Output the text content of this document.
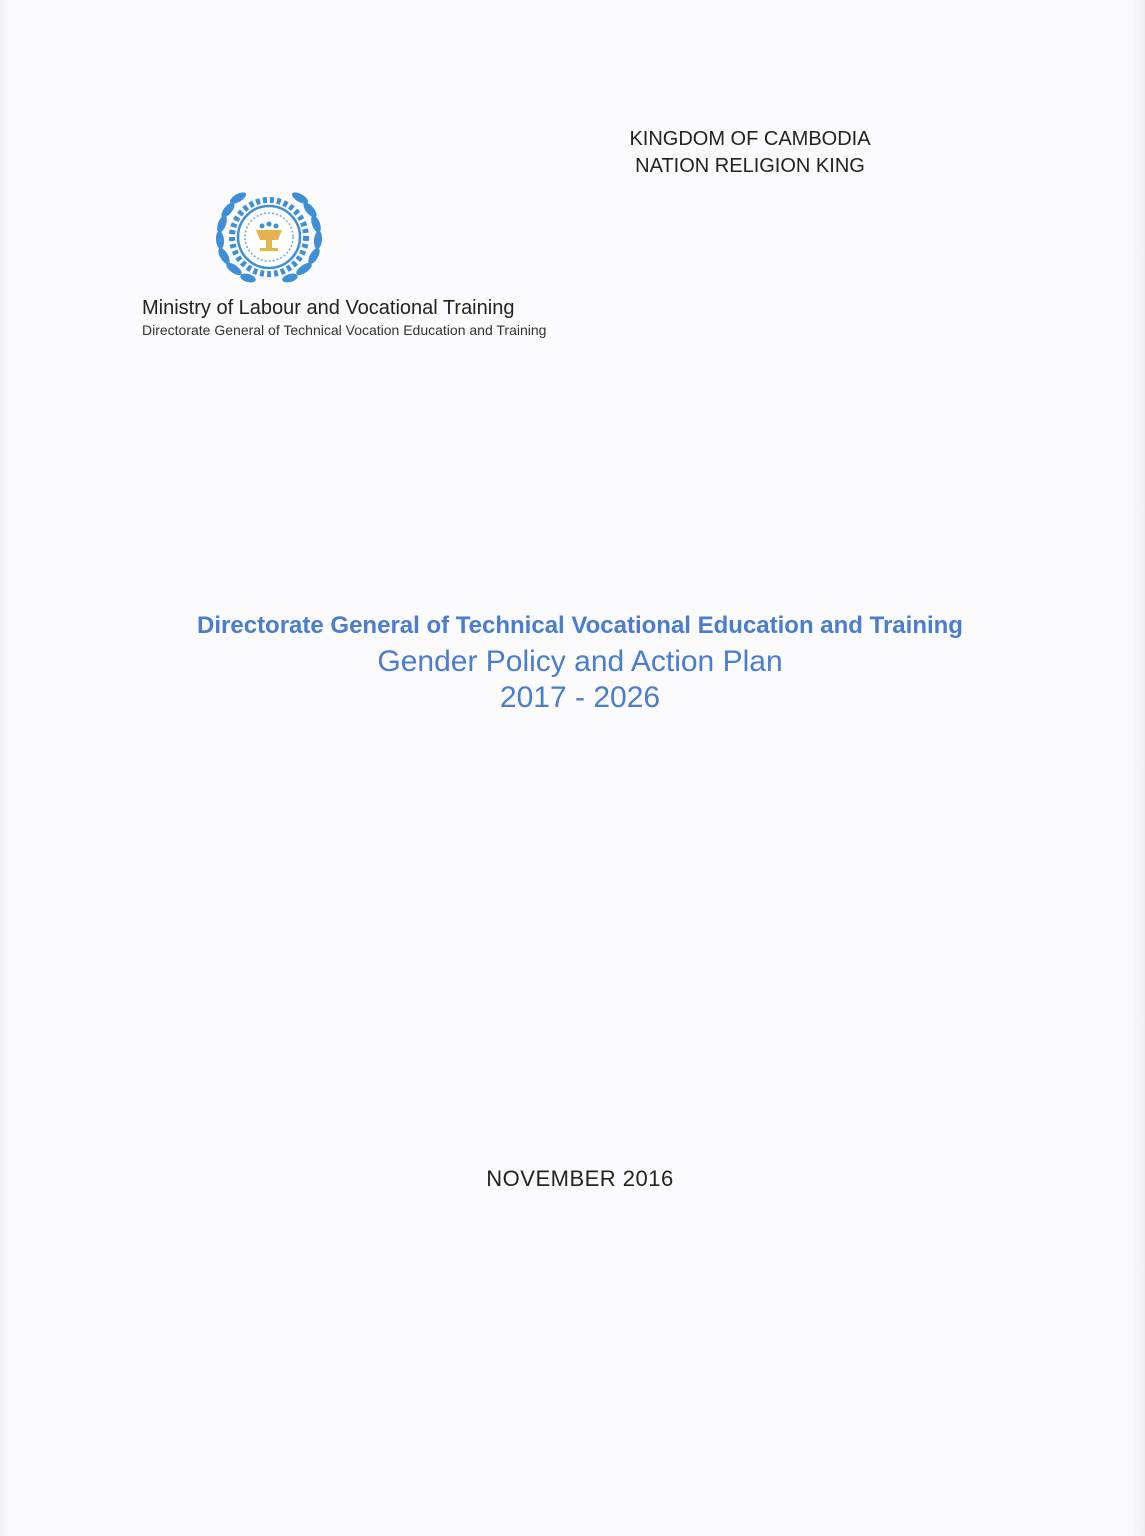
KINGDOM OF CAMBODIA
NATION RELIGION KING
Ministry of Labour and Vocational Training
Directorate General of Technical Vocation Education and Training
Directorate General of Technical Vocational Education and Training
Gender Policy and Action Plan
2017 - 2026
NOVEMBER 2016
